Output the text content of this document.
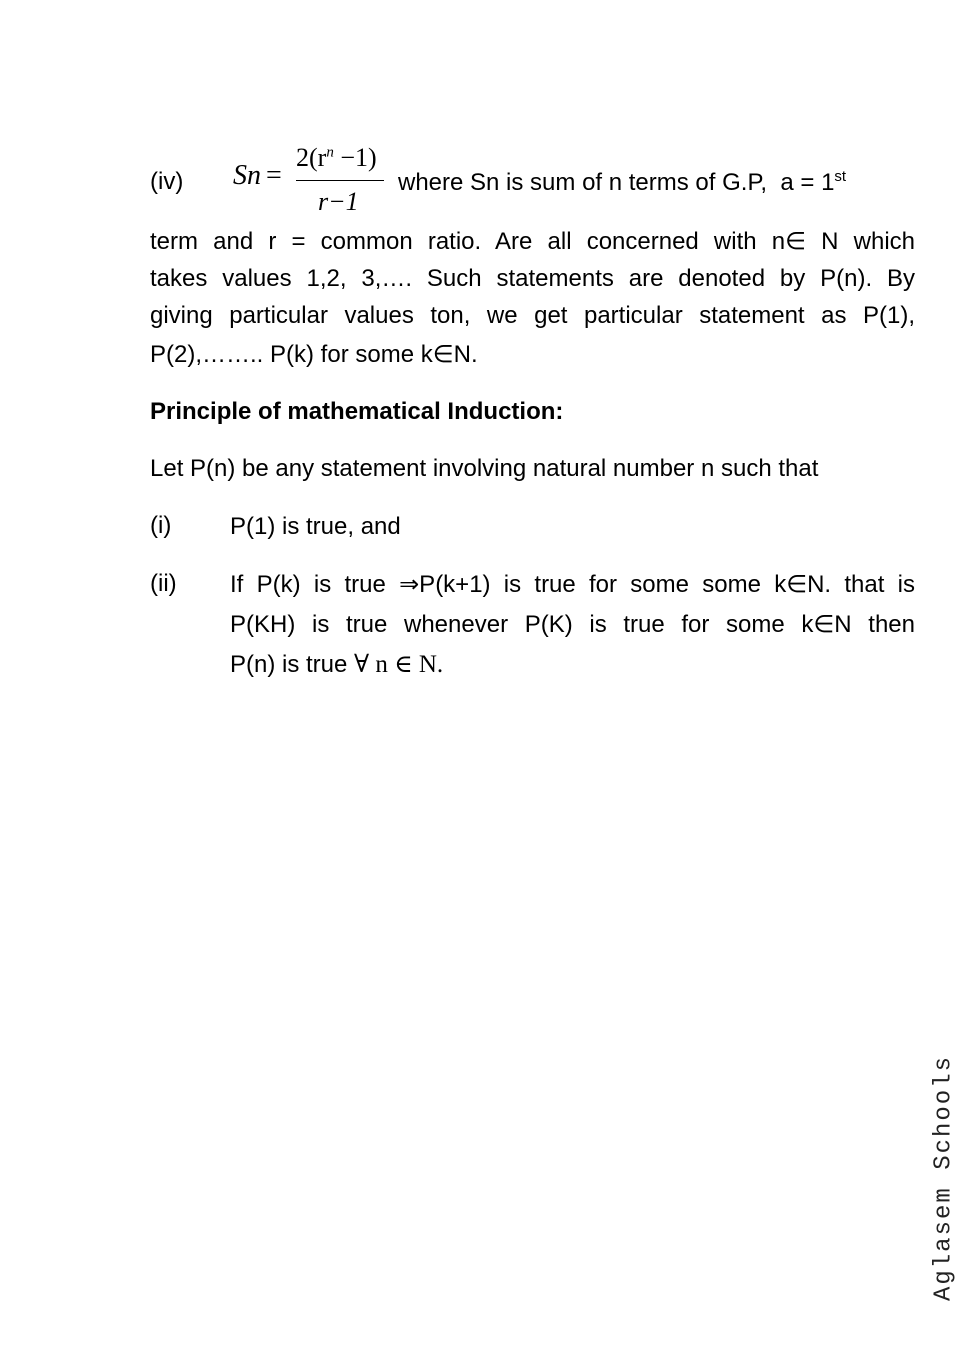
(iv) Sn =
$2(r^n -1)$
r−1
where Sn is sum of n terms of G.P,  a = 1st
term and r = common ratio. Are all concerned with n∈ N which
takes values 1,2, 3,…. Such statements are denoted by P(n). By
giving particular values ton, we get particular statement as P(1),
P(2),…….. P(k) for some k∈N.
Principle of mathematical Induction:
Let P(n) be any statement involving natural number n such that
(i) P(1) is true, and
(ii) If P(k) is true ⇒P(k+1) is true for some some k∈N. that is
P(KH) is true whenever P(K) is true for some k∈N then
P(n) is true ∀ n ∈ N.
Aglasem Schools
